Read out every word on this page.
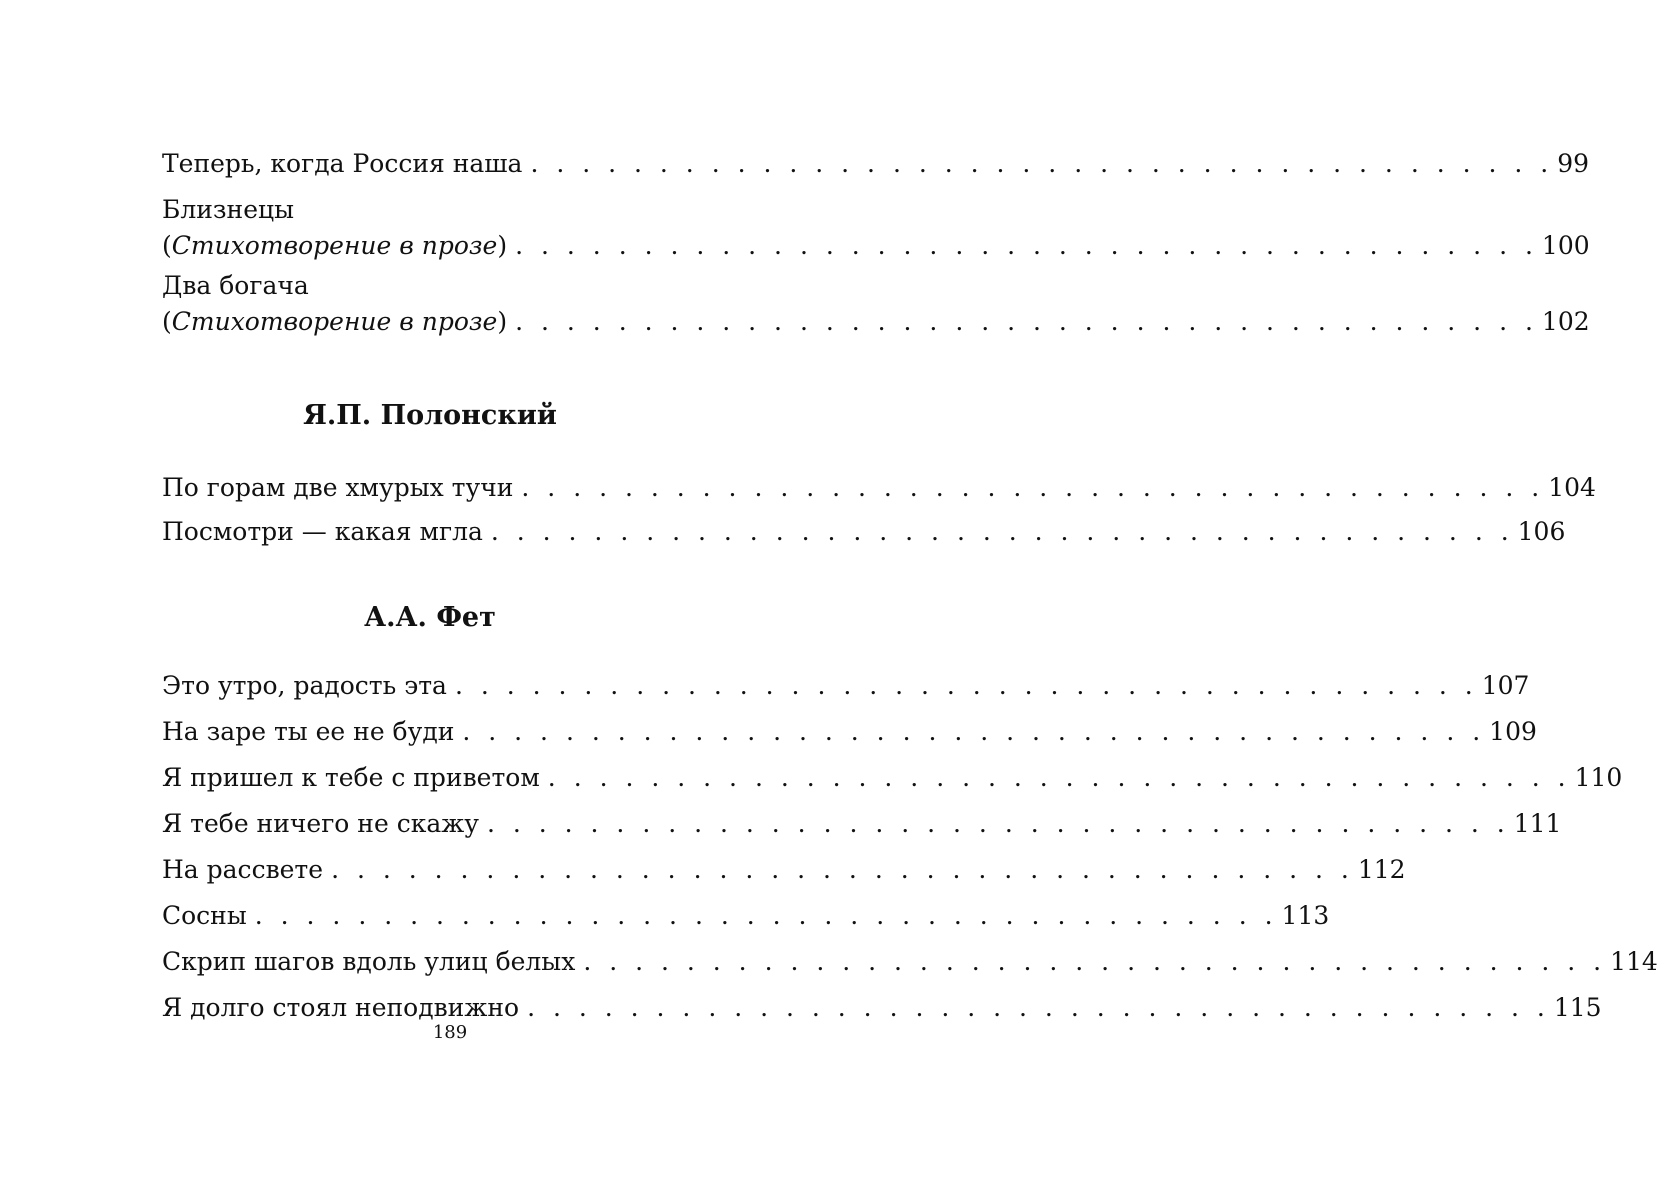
Теперь, когда Россия наша . . . . . . . . . . . . . . . . . . . . . . . . . . . . . . . . . . . . . . . . 99
Близнецы
(Стихотворение в прозе) . . . . . . . . . . . . . . . . . . . . . . . . . . . . . . . . . . . . . . . . 100
Два богача
(Стихотворение в прозе) . . . . . . . . . . . . . . . . . . . . . . . . . . . . . . . . . . . . . . . . 102
Я.П. Полонский
По горам две хмурых тучи . . . . . . . . . . . . . . . . . . . . . . . . . . . . . . . . . . . . . . . . 104
Посмотри — какая мгла . . . . . . . . . . . . . . . . . . . . . . . . . . . . . . . . . . . . . . . . 106
А.А. Фет
Это утро, радость эта . . . . . . . . . . . . . . . . . . . . . . . . . . . . . . . . . . . . . . . . 107
На заре ты ее не буди . . . . . . . . . . . . . . . . . . . . . . . . . . . . . . . . . . . . . . . . 109
Я пришел к тебе с приветом . . . . . . . . . . . . . . . . . . . . . . . . . . . . . . . . . . . . . . . . 110
Я тебе ничего не скажу . . . . . . . . . . . . . . . . . . . . . . . . . . . . . . . . . . . . . . . . 111
На рассвете . . . . . . . . . . . . . . . . . . . . . . . . . . . . . . . . . . . . . . . . 112
Сосны . . . . . . . . . . . . . . . . . . . . . . . . . . . . . . . . . . . . . . . . 113
Скрип шагов вдоль улиц белых . . . . . . . . . . . . . . . . . . . . . . . . . . . . . . . . . . . . . . . . 114
Я долго стоял неподвижно . . . . . . . . . . . . . . . . . . . . . . . . . . . . . . . . . . . . . . . . 115
189
